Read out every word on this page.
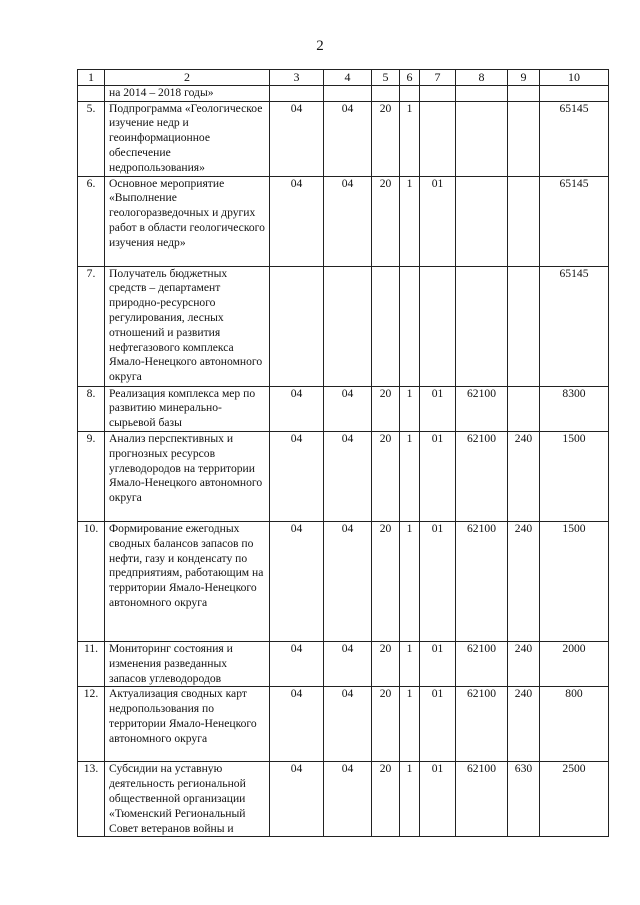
2
1	2	3	4	5	6	7	8	9	10
	на 2014 – 2018 годы»								
5.	Подпрограмма «Геологическое изучение недр и геоинформационное обеспечение недропользования»	04	04	20	1				65145
6.	Основное мероприятие «Выполнение геологоразведочных и других работ в области геологического изучения недр»	04	04	20	1	01			65145
7.	Получатель бюджетных средств – департамент природно-ресурсного регулирования, лесных отношений и развития нефтегазового комплекса Ямало-Ненецкого автономного округа								65145
8.	Реализация комплекса мер по развитию минерально-сырьевой базы	04	04	20	1	01	62100		8300
9.	Анализ перспективных и прогнозных ресурсов углеводородов на территории Ямало-Ненецкого автономного округа	04	04	20	1	01	62100	240	1500
10.	Формирование ежегодных сводных балансов запасов по нефти, газу и конденсату по предприятиям, работающим на территории Ямало-Ненецкого автономного округа	04	04	20	1	01	62100	240	1500
11.	Мониторинг состояния и изменения разведанных запасов углеводородов	04	04	20	1	01	62100	240	2000
12.	Актуализация сводных карт недропользования по территории Ямало-Ненецкого автономного округа	04	04	20	1	01	62100	240	800
13.	Субсидии на уставную деятельность региональной общественной организации «Тюменский Региональный Совет ветеранов войны и	04	04	20	1	01	62100	630	2500
